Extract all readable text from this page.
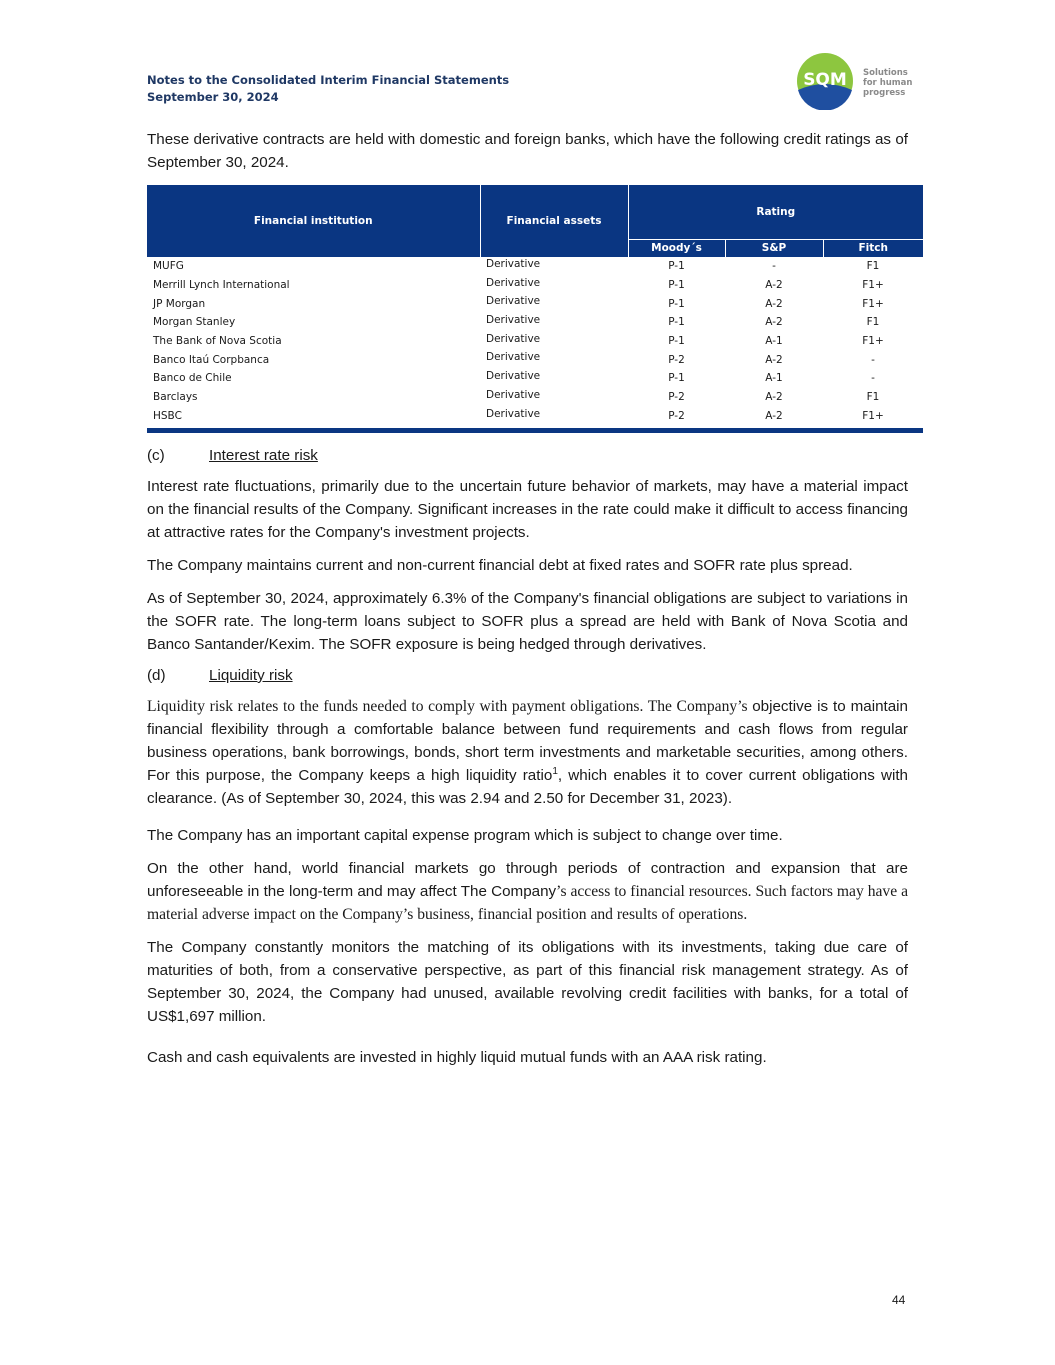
Notes to the Consolidated Interim Financial Statements
September 30, 2024
SQM Solutions
for human
progress

These derivative contracts are held with domestic and foreign banks, which have the following credit ratings as of September 30, 2024.

Financial institution	Financial assets	Rating		
		Moody´s	S&P	Fitch
MUFG	Derivative	P-1	-	F1
Merrill Lynch International	Derivative	P-1	A-2	F1+
JP Morgan	Derivative	P-1	A-2	F1+
Morgan Stanley	Derivative	P-1	A-2	F1
The Bank of Nova Scotia	Derivative	P-1	A-1	F1+
Banco Itaú Corpbanca	Derivative	P-2	A-2	-
Banco de Chile	Derivative	P-1	A-1	-
Barclays	Derivative	P-2	A-2	F1
HSBC	Derivative	P-2	A-2	F1+
(c)	Interest rate risk

Interest rate fluctuations, primarily due to the uncertain future behavior of markets, may have a material impact on the financial results of the Company. Significant increases in the rate could make it difficult to access financing at attractive rates for the Company's investment projects.

The Company maintains current and non-current financial debt at fixed rates and SOFR rate plus spread.

As of September 30, 2024, approximately 6.3% of the Company's financial obligations are subject to variations in the SOFR rate. The long-term loans subject to SOFR plus a spread are held with Bank of Nova Scotia and Banco Santander/Kexim. The SOFR exposure is being hedged through derivatives.

(d)	Liquidity risk

Liquidity risk relates to the funds needed to comply with payment obligations. The Company’s objective is to maintain financial flexibility through a comfortable balance between fund requirements and cash flows from regular business operations, bank borrowings, bonds, short term investments and marketable securities, among others. For this purpose, the Company keeps a high liquidity ratio$^1$, which enables it to cover current obligations with clearance. (As of September 30, 2024, this was 2.94 and 2.50 for December 31, 2023).

The Company has an important capital expense program which is subject to change over time.

On the other hand, world financial markets go through periods of contraction and expansion that are unforeseeable in the long-term and may affect The Company’s access to financial resources. Such factors may have a material adverse impact on the Company’s business, financial position and results of operations.

The Company constantly monitors the matching of its obligations with its investments, taking due care of maturities of both, from a conservative perspective, as part of this financial risk management strategy. As of September 30, 2024, the Company had unused, available revolving credit facilities with banks, for a total of US$1,697 million.

Cash and cash equivalents are invested in highly liquid mutual funds with an AAA risk rating.

44
